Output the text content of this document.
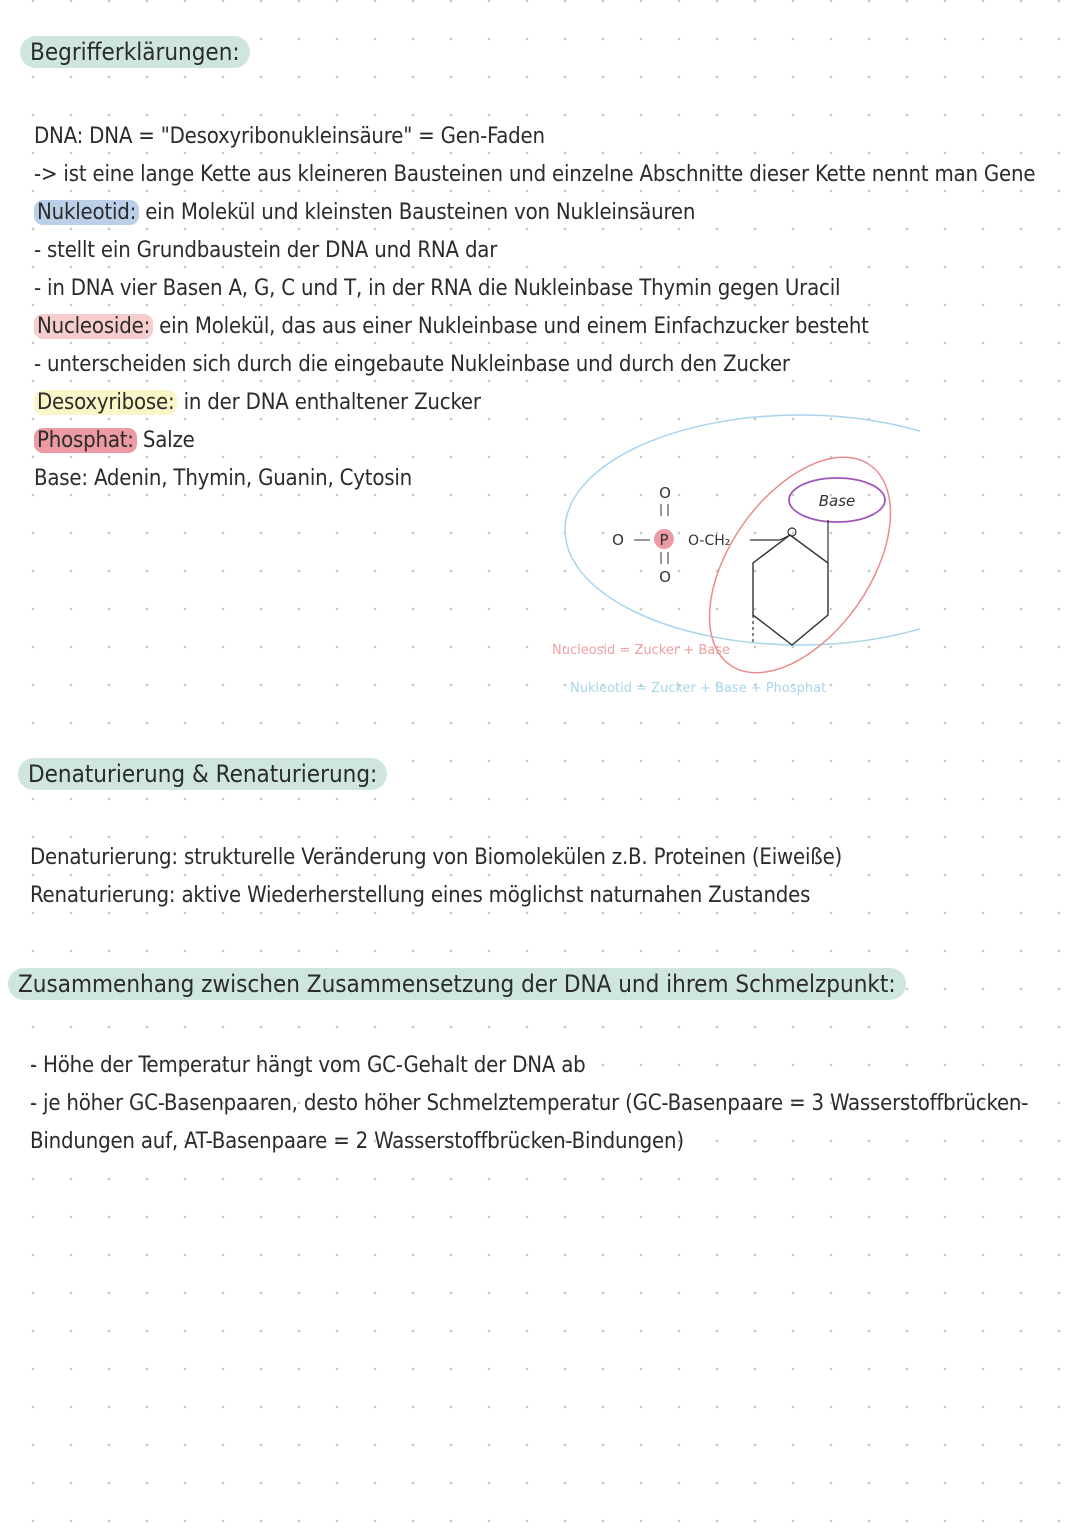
Begrifferklärungen:
DNA: DNA = "Desoxyribonukleinsäure" = Gen-Faden
-> ist eine lange Kette aus kleineren Bausteinen und einzelne Abschnitte dieser Kette nennt man Gene
Nukleotid: ein Molekül und kleinsten Bausteinen von Nukleinsäuren
- stellt ein Grundbaustein der DNA und RNA dar
- in DNA vier Basen A, G, C und T, in der RNA die Nukleinbase Thymin gegen Uracil
Nucleoside: ein Molekül, das aus einer Nukleinbase und einem Einfachzucker besteht
- unterscheiden sich durch die eingebaute Nukleinbase und durch den Zucker
Desoxyribose: in der DNA enthaltener Zucker
Phosphat: Salze
Base: Adenin, Thymin, Guanin, Cytosin
Base
O
O P
O
O-CH₂
Nucleosid = Zucker + Base
Nukleotid = Zucker + Base + Phosphat
Denaturierung & Renaturierung:
Denaturierung: strukturelle Veränderung von Biomolekülen z.B. Proteinen (Eiweiße)
Renaturierung: aktive Wiederherstellung eines möglichst naturnahen Zustandes
Zusammenhang zwischen Zusammensetzung der DNA und ihrem Schmelzpunkt:
- Höhe der Temperatur hängt vom GC-Gehalt der DNA ab
- je höher GC-Basenpaaren, desto höher Schmelztemperatur (GC-Basenpaare = 3 Wasserstoffbrücken-
Bindungen auf, AT-Basenpaare = 2 Wasserstoffbrücken-Bindungen)
